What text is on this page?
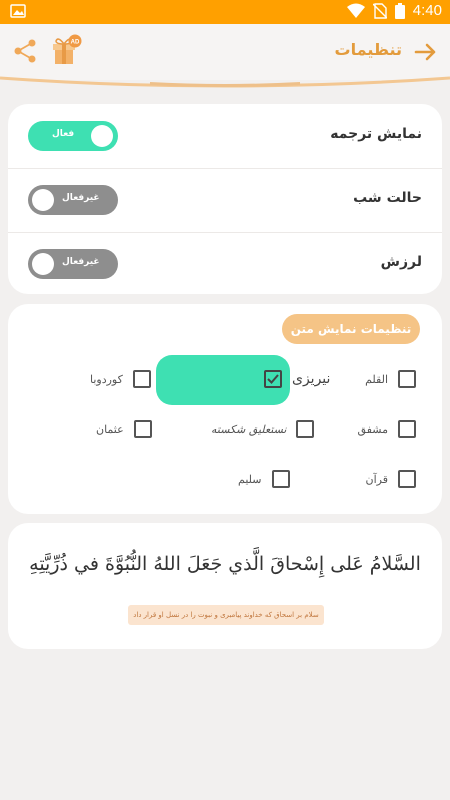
4:40
تنظیمات
AD
نمایش ترجمه
فعال
حالت شب
غیرفعال
لرزش
غیرفعال
تنظیمات نمایش متن
القلم
نیریزی
کوردوبا
مشفق
نستعلیق شکسته
عثمان
قرآن
سلیم
السَّلامُ عَلى إِسْحاقَ الَّذي جَعَلَ اللهُ النُّبُوَّةَ في ذُرِّيَّتِهِ
سلام بر اسحاق که خداوند پیامبری و نبوت را در نسل او قرار داد
